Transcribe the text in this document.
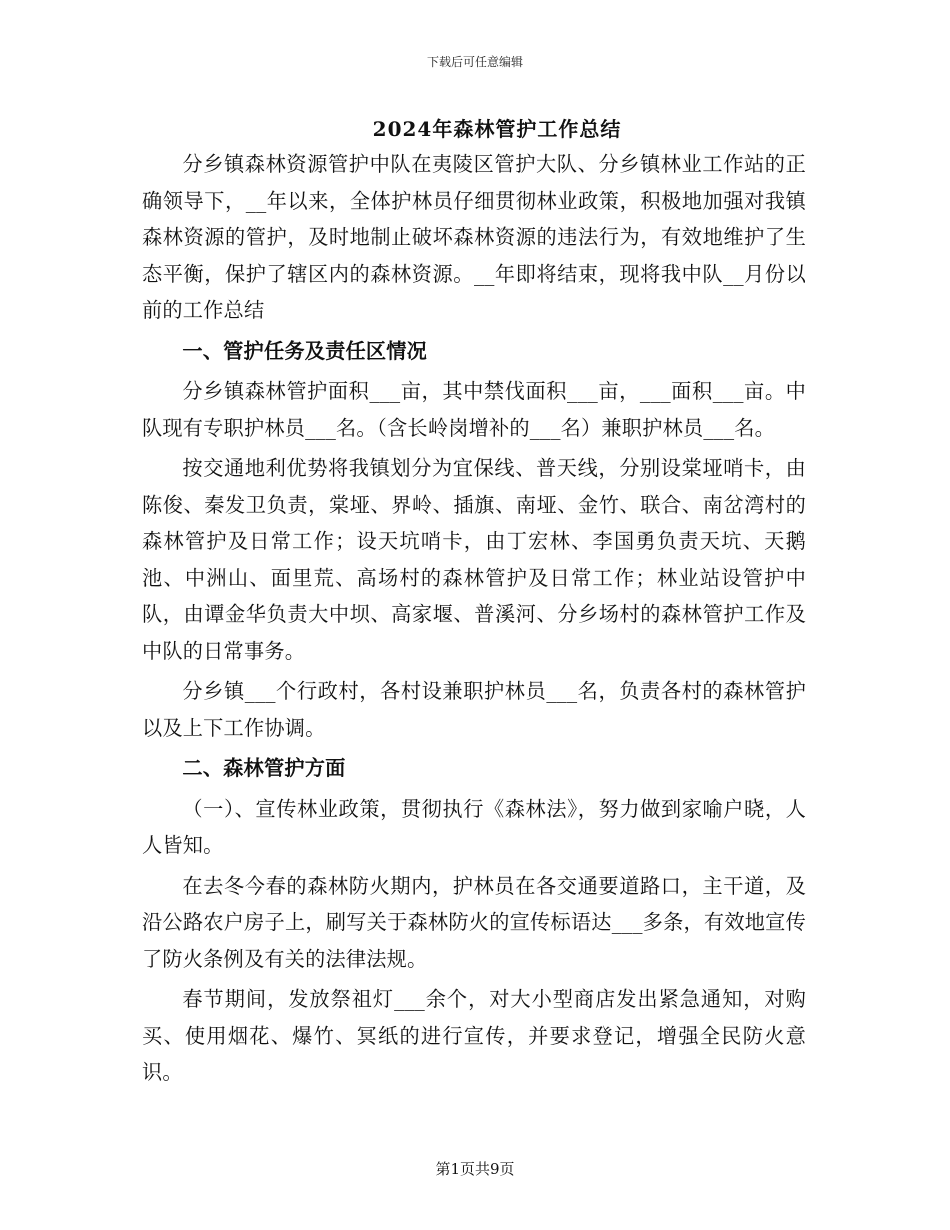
下载后可任意编辑
2024年森林管护工作总结

分乡镇森林资源管护中队在夷陵区管护大队、分乡镇林业工作站的正确领导下，__年以来，全体护林员仔细贯彻林业政策，积极地加强对我镇森林资源的管护，及时地制止破坏森林资源的违法行为，有效地维护了生态平衡，保护了辖区内的森林资源。__年即将结束，现将我中队__月份以前的工作总结

一、管护任务及责任区情况

分乡镇森林管护面积___亩，其中禁伐面积___亩，___面积___亩。中队现有专职护林员___名。（含长岭岗增补的___名）兼职护林员___名。

按交通地利优势将我镇划分为宜保线、普天线，分别设棠垭哨卡，由陈俊、秦发卫负责，棠垭、界岭、插旗、南垭、金竹、联合、南岔湾村的森林管护及日常工作；设天坑哨卡，由丁宏林、李国勇负责天坑、天鹅池、中洲山、面里荒、高场村的森林管护及日常工作；林业站设管护中队，由谭金华负责大中坝、高家堰、普溪河、分乡场村的森林管护工作及中队的日常事务。

分乡镇___个行政村，各村设兼职护林员___名，负责各村的森林管护以及上下工作协调。

二、森林管护方面

（一）、宣传林业政策，贯彻执行《森林法》，努力做到家喻户晓，人人皆知。

在去冬今春的森林防火期内，护林员在各交通要道路口，主干道，及沿公路农户房子上，刷写关于森林防火的宣传标语达___多条，有效地宣传了防火条例及有关的法律法规。

春节期间，发放祭祖灯___余个，对大小型商店发出紧急通知，对购买、使用烟花、爆竹、冥纸的进行宣传，并要求登记，增强全民防火意识。

第1页共9页
